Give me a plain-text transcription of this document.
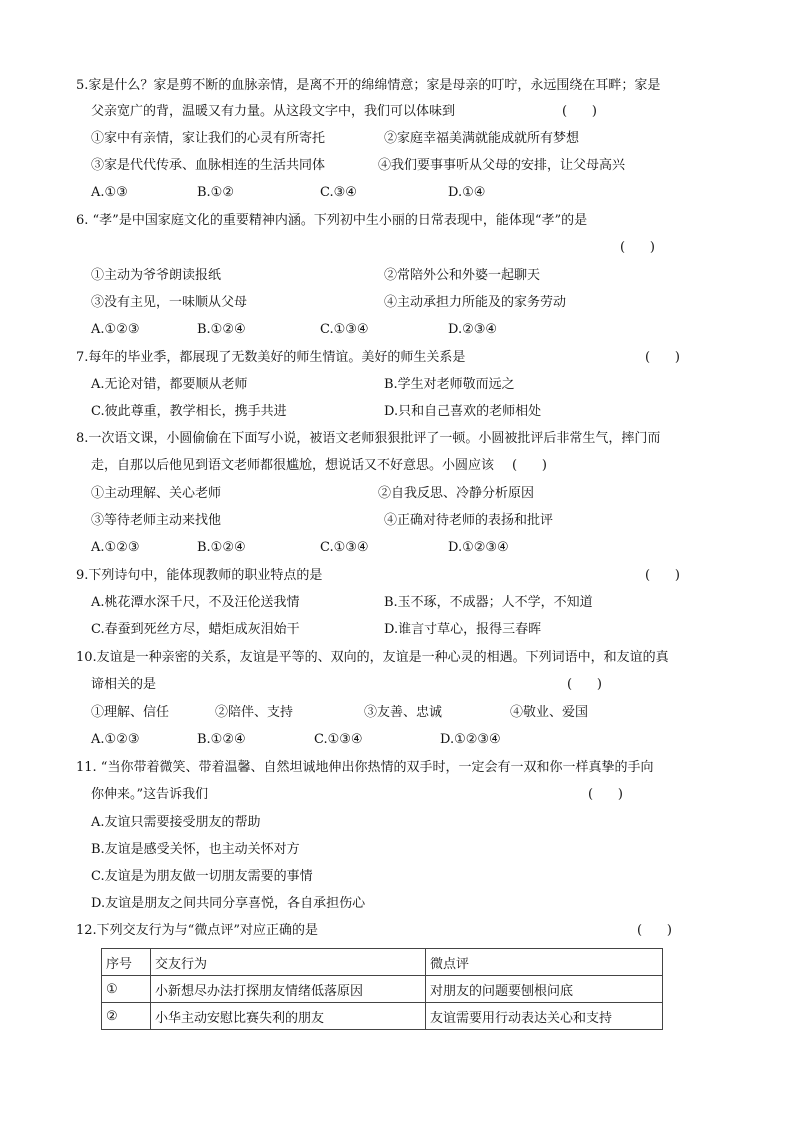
5.家是什么？家是剪不断的血脉亲情，是离不开的绵绵情意；家是母亲的叮咛，永远围绕在耳畔；家是
父亲宽广的背，温暖又有力量。从这段文字中，我们可以体味到	(      )
①家中有亲情，家让我们的心灵有所寄托	②家庭幸福美满就能成就所有梦想
③家是代代传承、血脉相连的生活共同体	④我们要事事听从父母的安排，让父母高兴
A.①③	B.①②	C.③④	D.①④
6. “孝”是中国家庭文化的重要精神内涵。下列初中生小丽的日常表现中，能体现“孝”的是
(      )
①主动为爷爷朗读报纸	②常陪外公和外婆一起聊天
③没有主见，一味顺从父母	④主动承担力所能及的家务劳动
A.①②③	B.①②④	C.①③④	D.②③④
7.每年的毕业季，都展现了无数美好的师生情谊。美好的师生关系是	(      )
A.无论对错，都要顺从老师	B.学生对老师敬而远之
C.彼此尊重，教学相长，携手共进	D.只和自己喜欢的老师相处
8.一次语文课，小圆偷偷在下面写小说，被语文老师狠狠批评了一顿。小圆被批评后非常生气，摔门而
走，自那以后他见到语文老师都很尴尬，想说话又不好意思。小圆应该 (      )
①主动理解、关心老师	②自我反思、冷静分析原因
③等待老师主动来找他	④正确对待老师的表扬和批评
A.①②③	B.①②④	C.①③④	D.①②③④
9.下列诗句中，能体现教师的职业特点的是	(      )
A.桃花潭水深千尺，不及汪伦送我情	B.玉不琢，不成器；人不学，不知道
C.春蚕到死丝方尽，蜡炬成灰泪始干	D.谁言寸草心，报得三春晖
10.友谊是一种亲密的关系，友谊是平等的、双向的，友谊是一种心灵的相遇。下列词语中，和友谊的真
谛相关的是	(      )
①理解、信任	②陪伴、支持	③友善、忠诚	④敬业、爱国
A.①②③	B.①②④	C.①③④	D.①②③④
11. “当你带着微笑、带着温馨、自然坦诚地伸出你热情的双手时，一定会有一双和你一样真挚的手向
你伸来。”这告诉我们	(      )
A.友谊只需要接受朋友的帮助
B.友谊是感受关怀，也主动关怀对方
C.友谊是为朋友做一切朋友需要的事情
D.友谊是朋友之间共同分享喜悦，各自承担伤心
12.下列交友行为与“微点评”对应正确的是	(      )
序号	交友行为	微点评
①	小新想尽办法打探朋友情绪低落原因	对朋友的问题要刨根问底
②	小华主动安慰比赛失利的朋友	友谊需要用行动表达关心和支持
